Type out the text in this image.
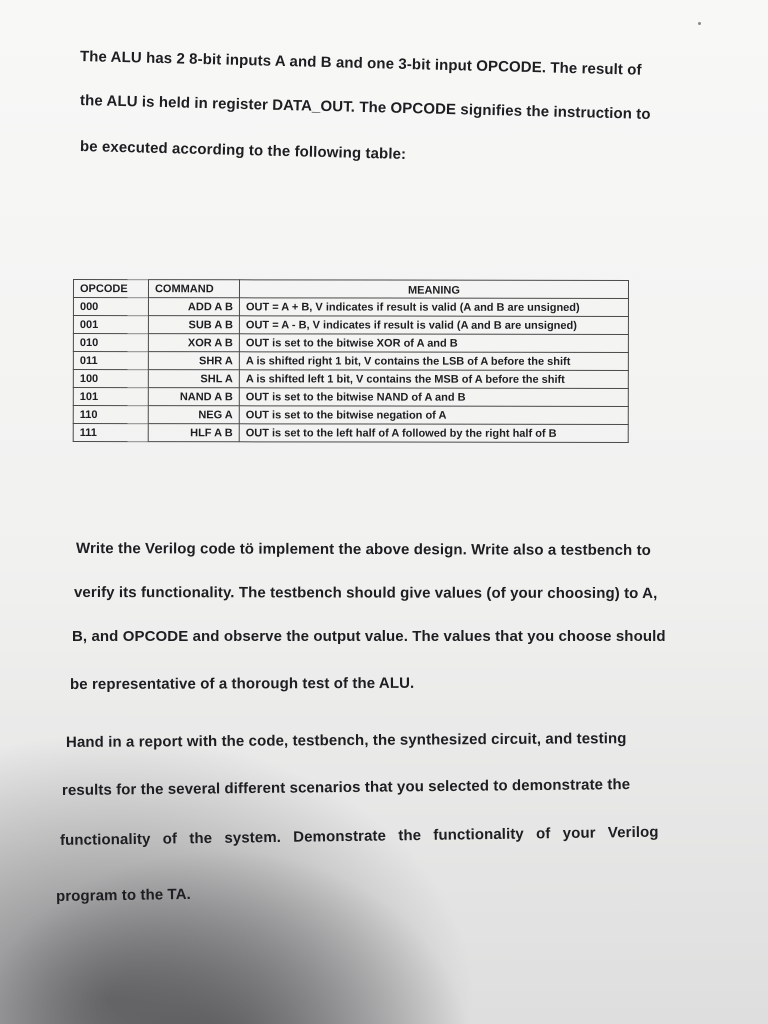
The ALU has 2 8-bit inputs A and B and one 3-bit input OPCODE. The result of
the ALU is held in register DATA_OUT. The OPCODE signifies the instruction to
be executed according to the following table:
OPCODE	COMMAND	MEANING
000	ADD A B	OUT = A + B, V indicates if result is valid (A and B are unsigned)
001	SUB A B	OUT = A - B, V indicates if result is valid (A and B are unsigned)
010	XOR A B	OUT is set to the bitwise XOR of A and B
011	SHR A	A is shifted right 1 bit, V contains the LSB of A before the shift
100	SHL A	A is shifted left 1 bit, V contains the MSB of A before the shift
101	NAND A B	OUT is set to the bitwise NAND of A and B
110	NEG A	OUT is set to the bitwise negation of A
111	HLF A B	OUT is set to the left half of A followed by the right half of B
Write the Verilog code tö implement the above design. Write also a testbench to
verify its functionality. The testbench should give values (of your choosing) to A,
B, and OPCODE and observe the output value. The values that you choose should
be representative of a thorough test of the ALU.
Hand in a report with the code, testbench, the synthesized circuit, and testing
results for the several different scenarios that you selected to demonstrate the
functionality of the system. Demonstrate the functionality of your Verilog
program to the TA.
